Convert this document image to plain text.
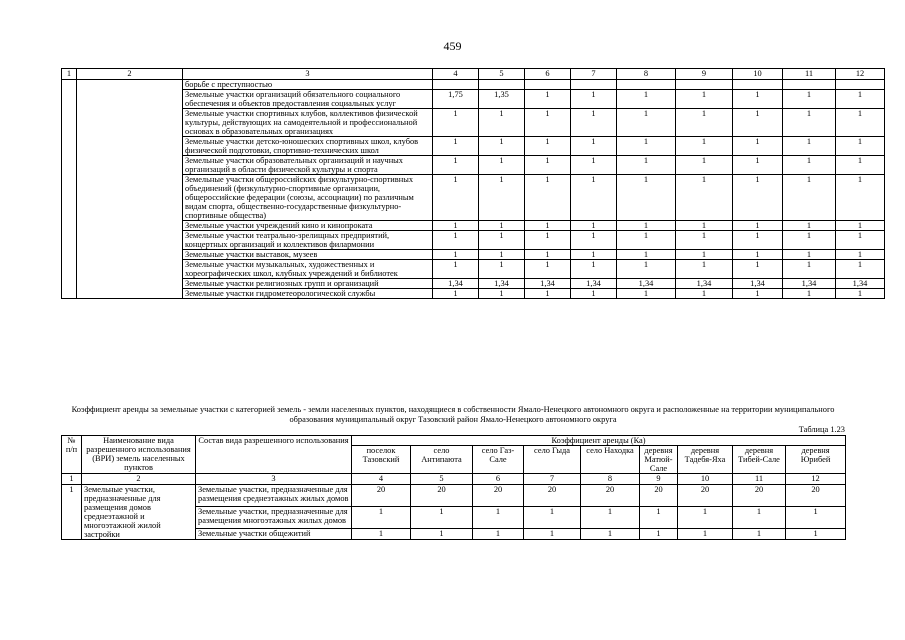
459
1	2	3	4	5	6	7	8	9	10	11	12
		борьбе с преступностью									
		Земельные участки организаций обязательного социального обеспечения и объектов предоставления социальных услуг	1,75	1,35	1	1	1	1	1	1	1
		Земельные участки спортивных клубов, коллективов физической культуры, действующих на самодеятельной и профессиональной основах в образовательных организациях	1	1	1	1	1	1	1	1	1
		Земельные участки детско-юношеских спортивных школ, клубов физической подготовки, спортивно-технических школ	1	1	1	1	1	1	1	1	1
		Земельные участки образовательных организаций и научных организаций в области физической культуры и спорта	1	1	1	1	1	1	1	1	1
		Земельные участки общероссийских физкультурно-спортивных объединений (физкультурно-спортивные организации, общероссийские федерации (союзы, ассоциации) по различным видам спорта, общественно-государственные физкультурно-спортивные общества)	1	1	1	1	1	1	1	1	1
		Земельные участки учреждений кино и кинопроката	1	1	1	1	1	1	1	1	1
		Земельные участки театрально-зрелищных предприятий, концертных организаций и коллективов филармонии	1	1	1	1	1	1	1	1	1
		Земельные участки выставок, музеев	1	1	1	1	1	1	1	1	1
		Земельные участки музыкальных, художественных и хореографических школ, клубных учреждений и библиотек	1	1	1	1	1	1	1	1	1
		Земельные участки религиозных групп и организаций	1,34	1,34	1,34	1,34	1,34	1,34	1,34	1,34	1,34
		Земельные участки гидрометеорологической службы	1	1	1	1	1	1	1	1	1
Коэффициент аренды за земельные участки с категорией земель - земли населенных пунктов, находящиеся в собственности Ямало-Ненецкого автономного округа и расположенные на территории муниципального образования муниципальный округ Тазовский район Ямало-Ненецкого автономного округа
Таблица 1.23
№ п/п	Наименование вида разрешенного использования (ВРИ) земель населенных пунктов	Состав вида разрешенного использования	Коэффициент аренды (Ка)								
			поселок Тазовский	село Антипаюта	село Газ-Сале	село Гыда	село Находка	деревня Матюй-Сале	деревня Тадебя-Яха	деревня Тибей-Сале	деревня Юрибей
1	2	3	4	5	6	7	8	9	10	11	12
1	Земельные участки, предназначенные для размещения домов среднеэтажной и многоэтажной жилой застройки	Земельные участки, предназначенные для размещения среднеэтажных жилых домов	20	20	20	20	20	20	20	20	20
		Земельные участки, предназначенные для размещения многоэтажных жилых домов	1	1	1	1	1	1	1	1	1
		Земельные участки общежитий	1	1	1	1	1	1	1	1	1
